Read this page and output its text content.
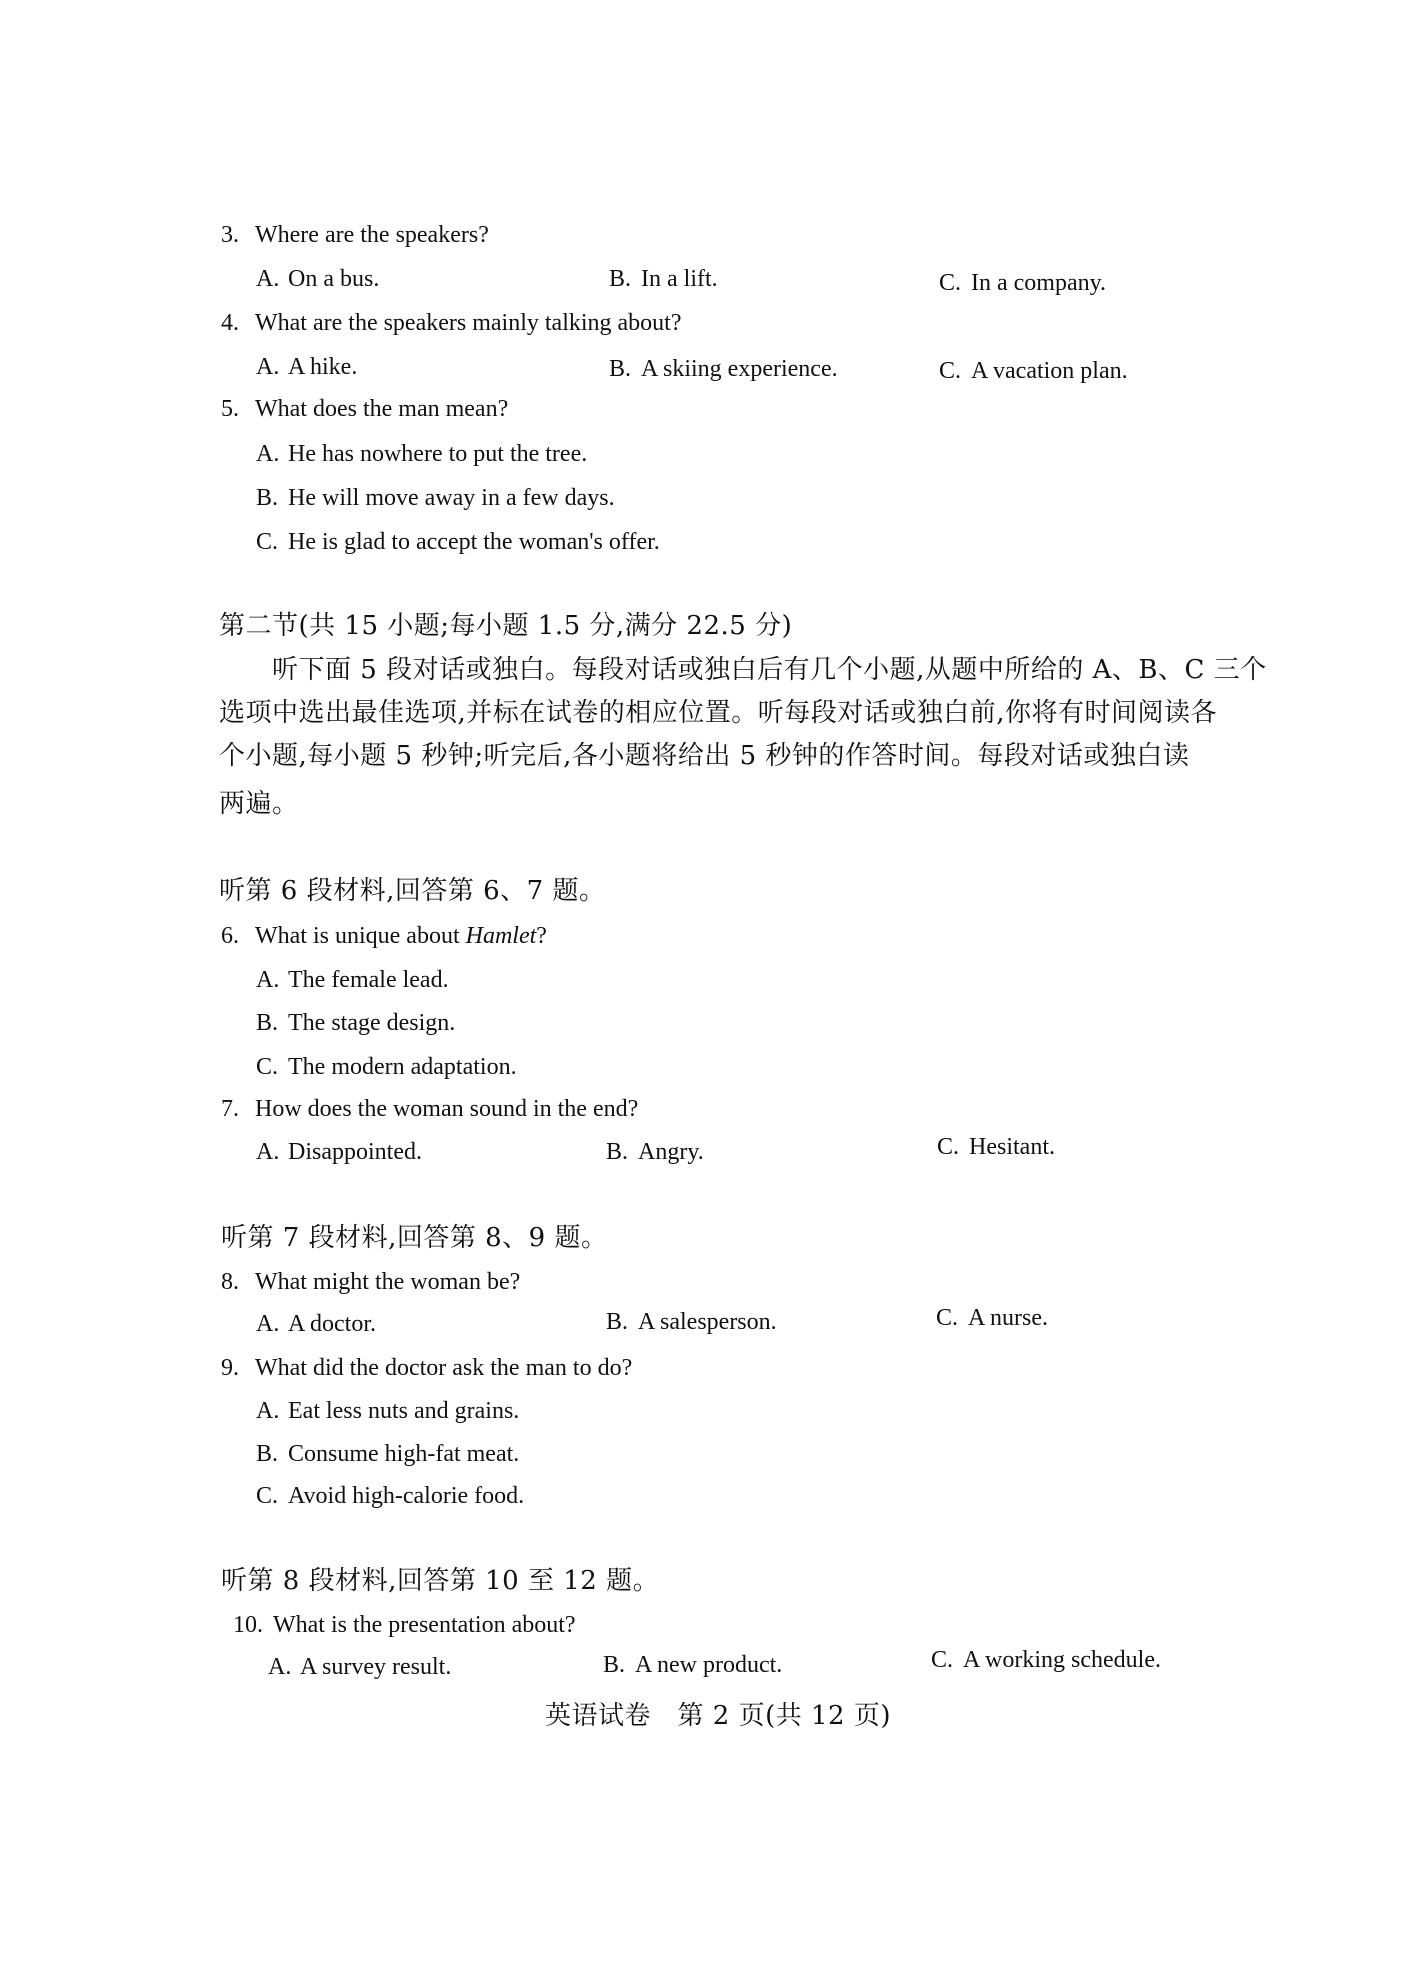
3. Where are the speakers?
A. On a bus.	B. In a lift.	C. In a company.
4. What are the speakers mainly talking about?
A. A hike.	B. A skiing experience.	C. A vacation plan.
5. What does the man mean?
A. He has nowhere to put the tree.
B. He will move away in a few days.
C. He is glad to accept the woman's offer.
第二节(共 15 小题;每小题 1.5 分,满分 22.5 分)
听下面 5 段对话或独白。每段对话或独白后有几个小题,从题中所给的 A、B、C 三个
选项中选出最佳选项,并标在试卷的相应位置。听每段对话或独白前,你将有时间阅读各
个小题,每小题 5 秒钟;听完后,各小题将给出 5 秒钟的作答时间。每段对话或独白读
两遍。
听第 6 段材料,回答第 6、7 题。
6. What is unique about Hamlet?
A. The female lead.
B. The stage design.
C. The modern adaptation.
7. How does the woman sound in the end?
A. Disappointed.	B. Angry.	C. Hesitant.
听第 7 段材料,回答第 8、9 题。
8. What might the woman be?
A. A doctor.	B. A salesperson.	C. A nurse.
9. What did the doctor ask the man to do?
A. Eat less nuts and grains.
B. Consume high-fat meat.
C. Avoid high-calorie food.
听第 8 段材料,回答第 10 至 12 题。
10. What is the presentation about?
A. A survey result.	B. A new product.	C. A working schedule.
英语试卷　第 2 页(共 12 页)
